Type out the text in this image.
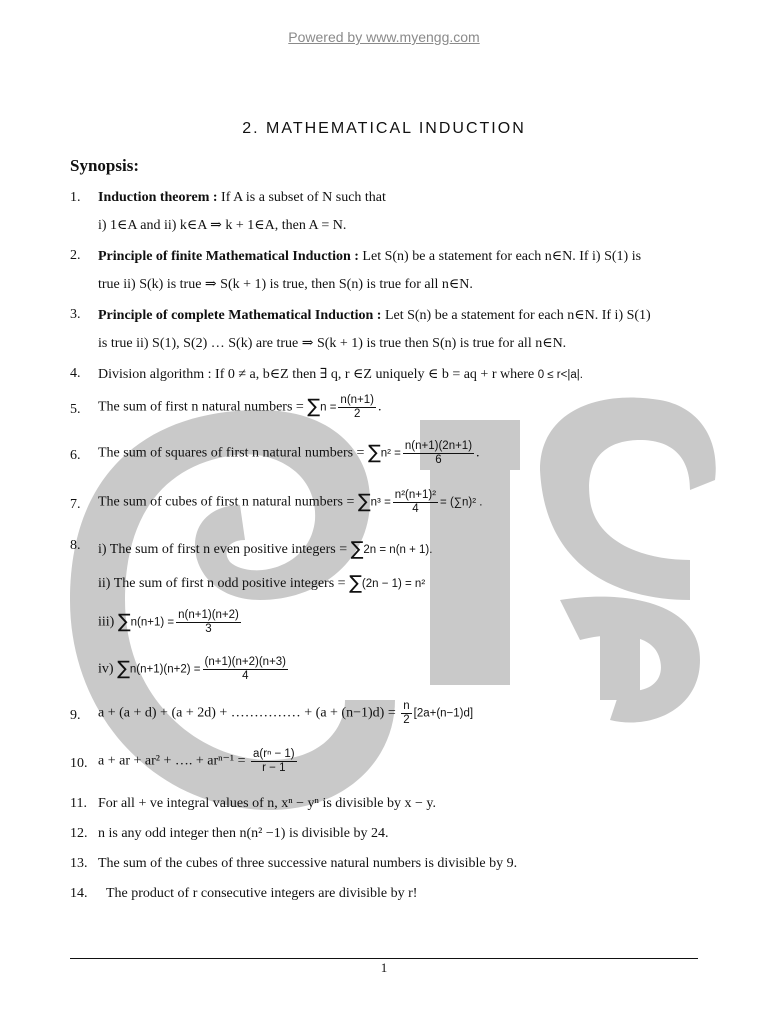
Powered by www.myengg.com
2. MATHEMATICAL INDUCTION
Synopsis:
1. Induction theorem : If A is a subset of N such that
i) 1∈A and ii) k∈A ⇒ k + 1∈A, then A = N.
2. Principle of finite Mathematical Induction : Let S(n) be a statement for each n∈N. If i) S(1) is
true ii) S(k) is true ⇒ S(k + 1) is true, then S(n) is true for all n∈N.
3. Principle of complete Mathematical Induction : Let S(n) be a statement for each n∈N. If i) S(1)
is true ii) S(1), S(2) … S(k) are true ⇒ S(k + 1) is true then S(n) is true for all n∈N.
4. Division algorithm : If 0 ≠ a, b∈Z then ∃ q, r ∈Z uniquely ∈ b = aq + r where 0 ≤ r<|a|.
5. The sum of first n natural numbers = $\sum n = \frac{n(n+1)}{2}$ .
6. The sum of squares of first n natural numbers = $\sum n^2 = \frac{n(n+1)(2n+1)}{6}$ .
7. The sum of cubes of first n natural numbers = $\sum n^3 = \frac{\text{n²(n+1)²}}{4} = (\sum n)^2$ .
8. i) The sum of first n even positive integers = ∑2n = n(n + 1).
ii) The sum of first n odd positive integers = ∑(2n − 1) = n²
iii) $\sum n(n+1) = \frac{n(n+1)(n+2)}{3}$
iv) $\sum n(n+1)(n+2) = \frac{(n+1)(n+2)(n+3)}{4}$
9. a + (a + d) + (a + 2d) + …………… + $(a + (n-1)d) = \frac{n}{2} [2a+(n-1)d]$
10. a + ar + ar² + …. + $ar^{n-1} = \frac{\text{a(rⁿ − 1)}}{r - 1}$
11. For all + ve integral values of n, xⁿ − yⁿ is divisible by x − y.
12. n is any odd integer then n(n² −1) is divisible by 24.
13. The sum of the cubes of three successive natural numbers is divisible by 9.
14. The product of r consecutive integers are divisible by r!
1
